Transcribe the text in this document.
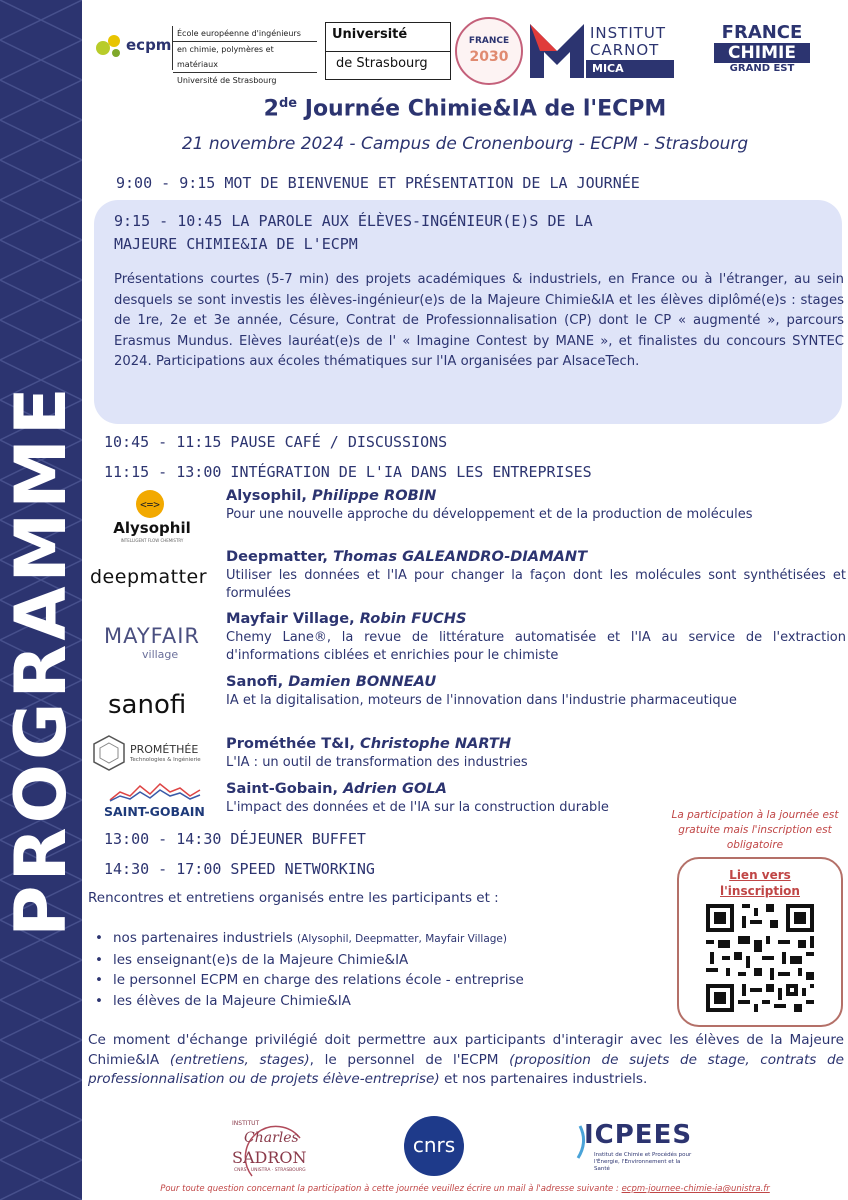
PROGRAMME
ecpm
École européenne d'ingénieurs
en chimie, polymères et matériaux
Université de Strasbourg
Université
de Strasbourg
FRANCE
2030
INSTITUT
CARNOT
MICA
FRANCE
CHIMIE
GRAND EST
2de Journée Chimie&IA de l'ECPM
21 novembre 2024 - Campus de Cronenbourg - ECPM - Strasbourg
9:00 - 9:15 MOT DE BIENVENUE ET PRÉSENTATION DE LA JOURNÉE
9:15 - 10:45 LA PAROLE AUX ÉLÈVES-INGÉNIEUR(E)S DE LA
MAJEURE CHIMIE&IA DE L'ECPM
Présentations courtes (5-7 min) des projets académiques & industriels, en France ou à l'étranger, au sein desquels se sont investis les élèves-ingénieur(e)s de la Majeure Chimie&IA et les élèves diplômé(e)s : stages de 1re, 2e et 3e année, Césure, Contrat de Professionnalisation (CP) dont le CP « augmenté », parcours Erasmus Mundus. Elèves lauréat(e)s de l' « Imagine Contest by MANE », et finalistes du concours SYNTEC 2024. Participations aux écoles thématiques sur l'IA organisées par AlsaceTech.
10:45 - 11:15 PAUSE CAFÉ / DISCUSSIONS
11:15 - 13:00 INTÉGRATION DE L'IA DANS LES ENTREPRISES
<=>
Alysophil
INTELLIGENT FLOW CHEMISTRY
deepmatter
MAYFAIR
village
sanofi
PROMÉTHÉE
Technologies & Ingénierie
SAINT-GOBAIN
Alysophil, Philippe ROBIN
Pour une nouvelle approche du développement et de la production de molécules
Deepmatter, Thomas GALEANDRO-DIAMANT
Utiliser les données et l'IA pour changer la façon dont les molécules sont synthétisées et formulées
Mayfair Village, Robin FUCHS
Chemy Lane®, la revue de littérature automatisée et l'IA au service de l'extraction d'informations ciblées et enrichies pour le chimiste
Sanofi, Damien BONNEAU
IA et la digitalisation, moteurs de l'innovation dans l'industrie pharmaceutique
Prométhée T&I, Christophe NARTH
L'IA : un outil de transformation des industries
Saint-Gobain, Adrien GOLA
L'impact des données et de l'IA sur la construction durable
13:00 - 14:30 DÉJEUNER BUFFET
14:30 - 17:00 SPEED NETWORKING
La participation à la journée est gratuite mais l'inscription est obligatoire
Lien vers
l'inscription
Rencontres et entretiens organisés entre les participants et :
• nos partenaires industriels (Alysophil, Deepmatter, Mayfair Village)
• les enseignant(e)s de la Majeure Chimie&IA
• le personnel ECPM en charge des relations école - entreprise
• les élèves de la Majeure Chimie&IA
Ce moment d'échange privilégié doit permettre aux participants d'interagir avec les élèves de la Majeure Chimie&IA (entretiens, stages), le personnel de l'ECPM (proposition de sujets de stage, contrats de professionnalisation ou de projets élève-entreprise) et nos partenaires industriels.
INSTITUT
Charles
SADRON
CNRS · UNISTRA · STRASBOURG
cnrs	ICPEES
Institut de Chimie et Procédés pour l'Énergie, l'Environnement et la Santé
Pour toute question concernant la participation à cette journée veuillez écrire un mail à l'adresse suivante : ecpm-journee-chimie-ia@unistra.fr
